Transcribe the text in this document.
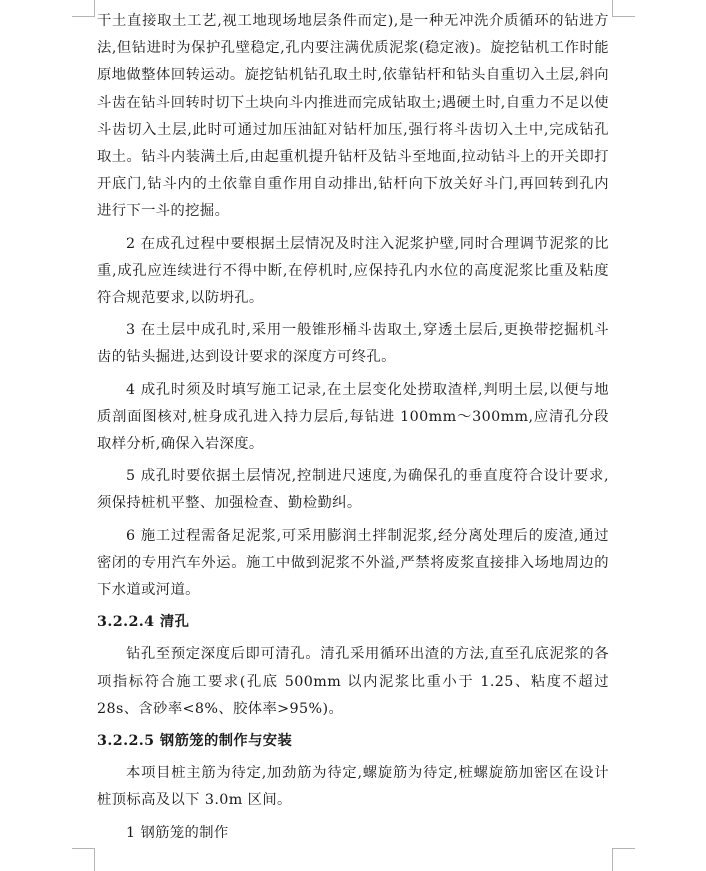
干土直接取土工艺,视工地现场地层条件而定),是一种无冲洗介质循环的钻进方法,但钻进时为保护孔壁稳定,孔内要注满优质泥浆(稳定液)。旋挖钻机工作时能原地做整体回转运动。旋挖钻机钻孔取土时,依靠钻杆和钻头自重切入土层,斜向斗齿在钻斗回转时切下土块向斗内推进而完成钻取土;遇硬土时,自重力不足以使斗齿切入土层,此时可通过加压油缸对钻杆加压,强行将斗齿切入土中,完成钻孔取土。钻斗内装满土后,由起重机提升钻杆及钻斗至地面,拉动钻斗上的开关即打开底门,钻斗内的土依靠自重作用自动排出,钻杆向下放关好斗门,再回转到孔内进行下一斗的挖掘。

2 在成孔过程中要根据土层情况及时注入泥浆护壁,同时合理调节泥浆的比重,成孔应连续进行不得中断,在停机时,应保持孔内水位的高度泥浆比重及粘度符合规范要求,以防坍孔。

3 在土层中成孔时,采用一般锥形桶斗齿取土,穿透土层后,更换带挖掘机斗齿的钻头掘进,达到设计要求的深度方可终孔。

4 成孔时须及时填写施工记录,在土层变化处捞取渣样,判明土层,以便与地质剖面图核对,桩身成孔进入持力层后,每钻进 100mm～300mm,应清孔分段取样分析,确保入岩深度。

5 成孔时要依据土层情况,控制进尺速度,为确保孔的垂直度符合设计要求,须保持桩机平整、加强检查、勤检勤纠。

6 施工过程需备足泥浆,可采用膨润土拌制泥浆,经分离处理后的废渣,通过密闭的专用汽车外运。施工中做到泥浆不外溢,严禁将废浆直接排入场地周边的下水道或河道。

3.2.2.4 清孔

钻孔至预定深度后即可清孔。清孔采用循环出渣的方法,直至孔底泥浆的各项指标符合施工要求(孔底 500mm 以内泥浆比重小于 1.25、粘度不超过 28s、含砂率<8%、胶体率>95%)。

3.2.2.5 钢筋笼的制作与安装

本项目桩主筋为待定,加劲筋为待定,螺旋筋为待定,桩螺旋筋加密区在设计桩顶标高及以下 3.0m 区间。

1 钢筋笼的制作
